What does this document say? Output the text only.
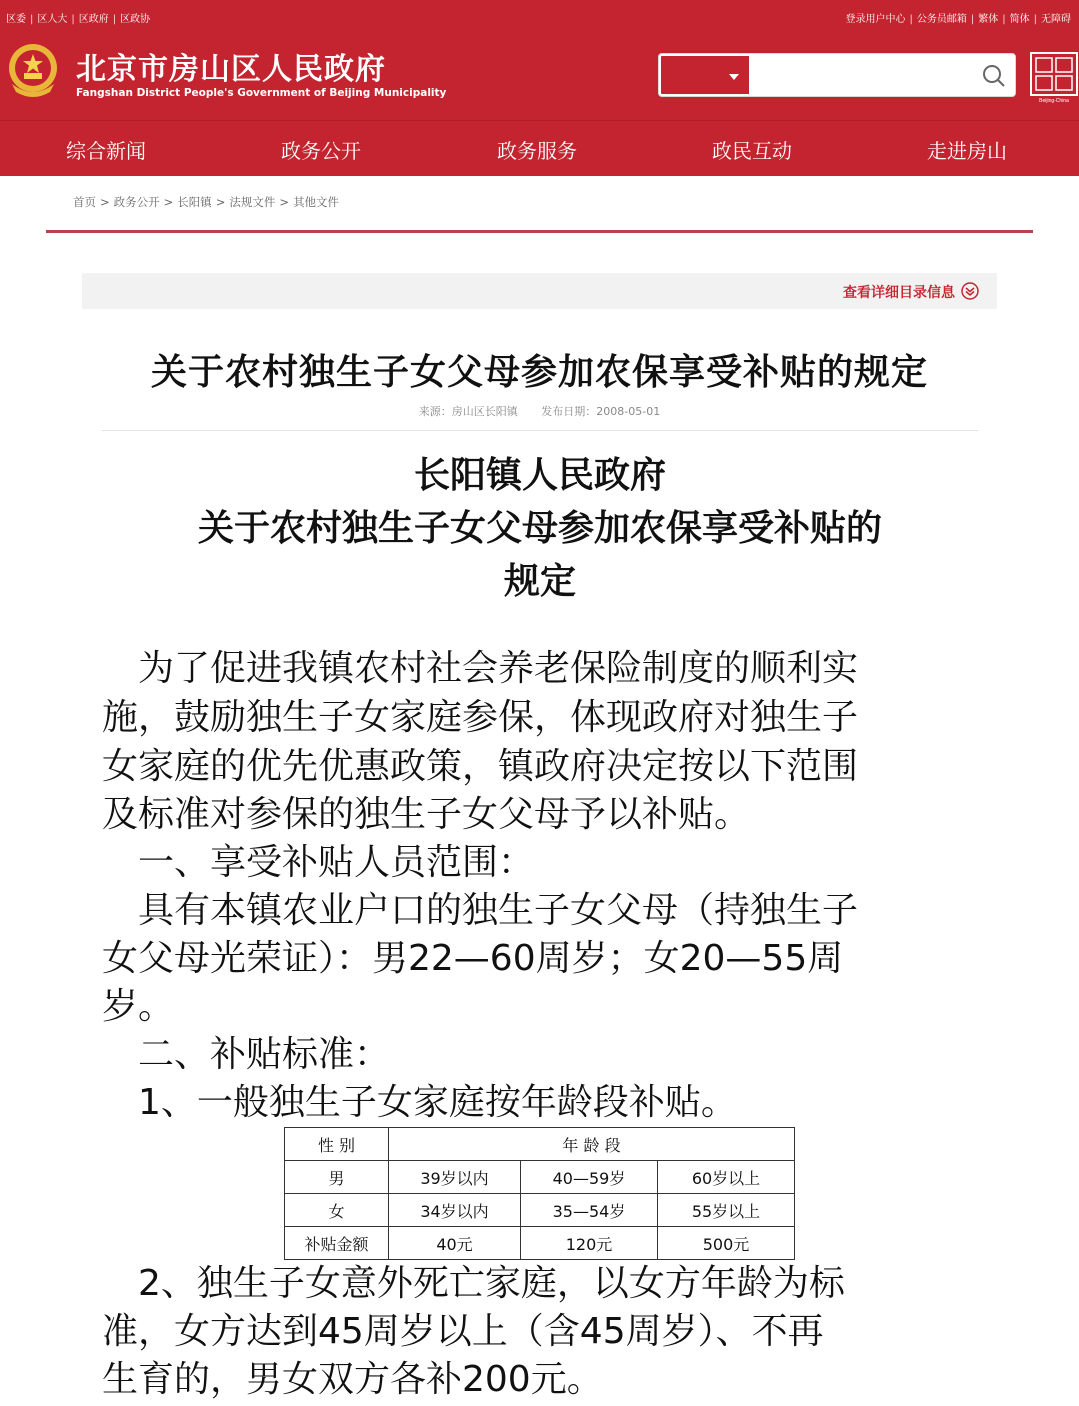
区委 | 区人大 | 区政府 | 区政协	登录用户中心 | 公务员邮箱 | 繁体 | 简体 | 无障碍
北京市房山区人民政府
Fangshan District People's Government of Beijing Municipality
Beijing-China
综合新闻	政务公开	政务服务	政民互动	走进房山
首页 > 政务公开 > 长阳镇 > 法规文件 > 其他文件
查看详细目录信息
关于农村独生子女父母参加农保享受补贴的规定
来源：房山区长阳镇 发布日期：2008-05-01
长阳镇人民政府
关于农村独生子女父母参加农保享受补贴的
规定
　为了促进我镇农村社会养老保险制度的顺利实
施，鼓励独生子女家庭参保，体现政府对独生子
女家庭的优先优惠政策，镇政府决定按以下范围
及标准对参保的独生子女父母予以补贴。
　一、享受补贴人员范围：
　具有本镇农业户口的独生子女父母（持独生子
女父母光荣证）：男22—60周岁；女20—55周
岁。
　二、补贴标准：
　1、一般独生子女家庭按年龄段补贴。
性 别	年 龄 段		
男	39岁以内	40—59岁	60岁以上
女	34岁以内	35—54岁	55岁以上
补贴金额	40元	120元	500元
　2、独生子女意外死亡家庭，以女方年龄为标
准，女方达到45周岁以上（含45周岁）、不再
生育的，男女双方各补200元。
